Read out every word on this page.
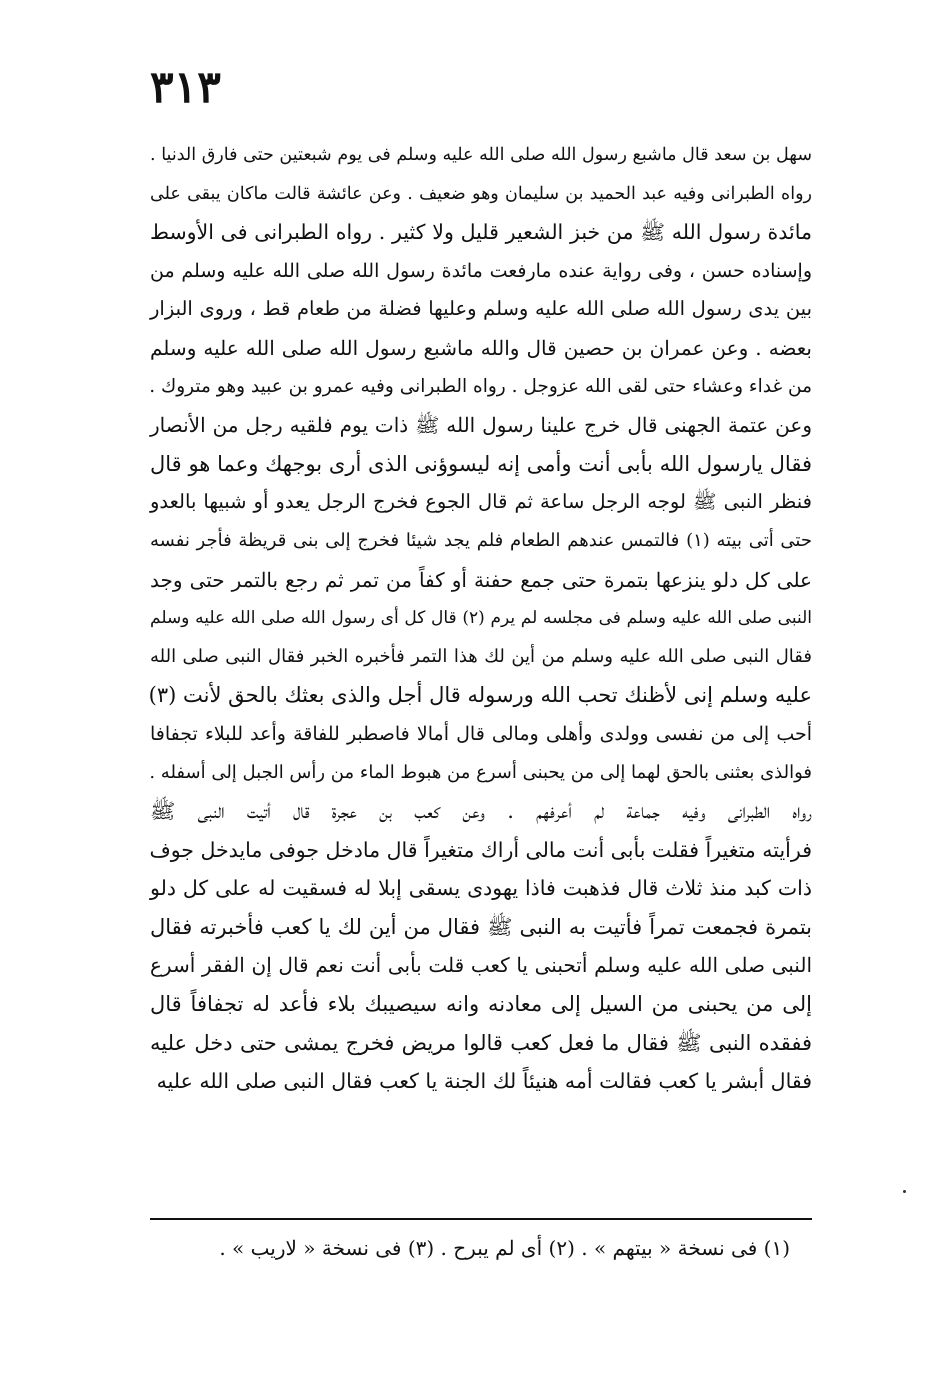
٣١٣
سهل بن سعد قال ماشبع رسول الله صلى الله عليه وسلم فى يوم شبعتين حتى فارق الدنيا .
رواه الطبرانى وفيه عبد الحميد بن سليمان وهو ضعيف . وعن عائشة قالت ماكان يبقى على
مائدة رسول الله ﷺ من خبز الشعير قليل ولا كثير . رواه الطبرانى فى الأوسط
وإسناده حسن ، وفى رواية عنده مارفعت مائدة رسول الله صلى الله عليه وسلم من
بين يدى رسول الله صلى الله عليه وسلم وعليها فضلة من طعام قط ، وروى البزار
بعضه . وعن عمران بن حصين قال والله ماشبع رسول الله صلى الله عليه وسلم
من غداء وعشاء حتى لقى الله عزوجل . رواه الطبرانى وفيه عمرو بن عبيد وهو متروك .
وعن عتمة الجهنى قال خرج علينا رسول الله ﷺ ذات يوم فلقيه رجل من الأنصار
فقال يارسول الله بأبى أنت وأمى إنه ليسوؤنى الذى أرى بوجهك وعما هو قال
فنظر النبى ﷺ لوجه الرجل ساعة ثم قال الجوع فخرج الرجل يعدو أو شبيها بالعدو
حتى أتى بيته (١) فالتمس عندهم الطعام فلم يجد شيئا فخرج إلى بنى قريظة فأجر نفسه
على كل دلو ينزعها بتمرة حتى جمع حفنة أو كفاً من تمر ثم رجع بالتمر حتى وجد
النبى صلى الله عليه وسلم فى مجلسه لم يرم (٢) قال كل أى رسول الله صلى الله عليه وسلم
فقال النبى صلى الله عليه وسلم من أين لك هذا التمر فأخبره الخبر فقال النبى صلى الله
عليه وسلم إنى لأظنك تحب الله ورسوله قال أجل والذى بعثك بالحق لأنت (٣)
أحب إلى من نفسى وولدى وأهلى ومالى قال أمالا فاصطبر للفاقة وأعد للبلاء تجفافا
فوالذى بعثنى بالحق لهما إلى من يحبنى أسرع من هبوط الماء من رأس الجبل إلى أسفله .
رواه الطبرانى وفيه جماعة لم أعرفهم . وعن كعب بن عجرة قال أتيت النبى ﷺ
فرأيته متغيراً فقلت بأبى أنت مالى أراك متغيراً قال مادخل جوفى مايدخل جوف
ذات كبد منذ ثلاث قال فذهبت فاذا يهودى يسقى إبلا له فسقيت له على كل دلو
بتمرة فجمعت تمراً فأتيت به النبى ﷺ فقال من أين لك يا كعب فأخبرته فقال
النبى صلى الله عليه وسلم أتحبنى يا كعب قلت بأبى أنت نعم قال إن الفقر أسرع
إلى من يحبنى من السيل إلى معادنه وانه سيصيبك بلاء فأعد له تجفافاً قال
ففقده النبى ﷺ فقال ما فعل كعب قالوا مريض فخرج يمشى حتى دخل عليه
فقال أبشر يا كعب فقالت أمه هنيئاً لك الجنة يا كعب فقال النبى صلى الله عليه
(١) فى نسخة « بيتهم » . (٢) أى لم يبرح . (٣) فى نسخة « لاريب » .
